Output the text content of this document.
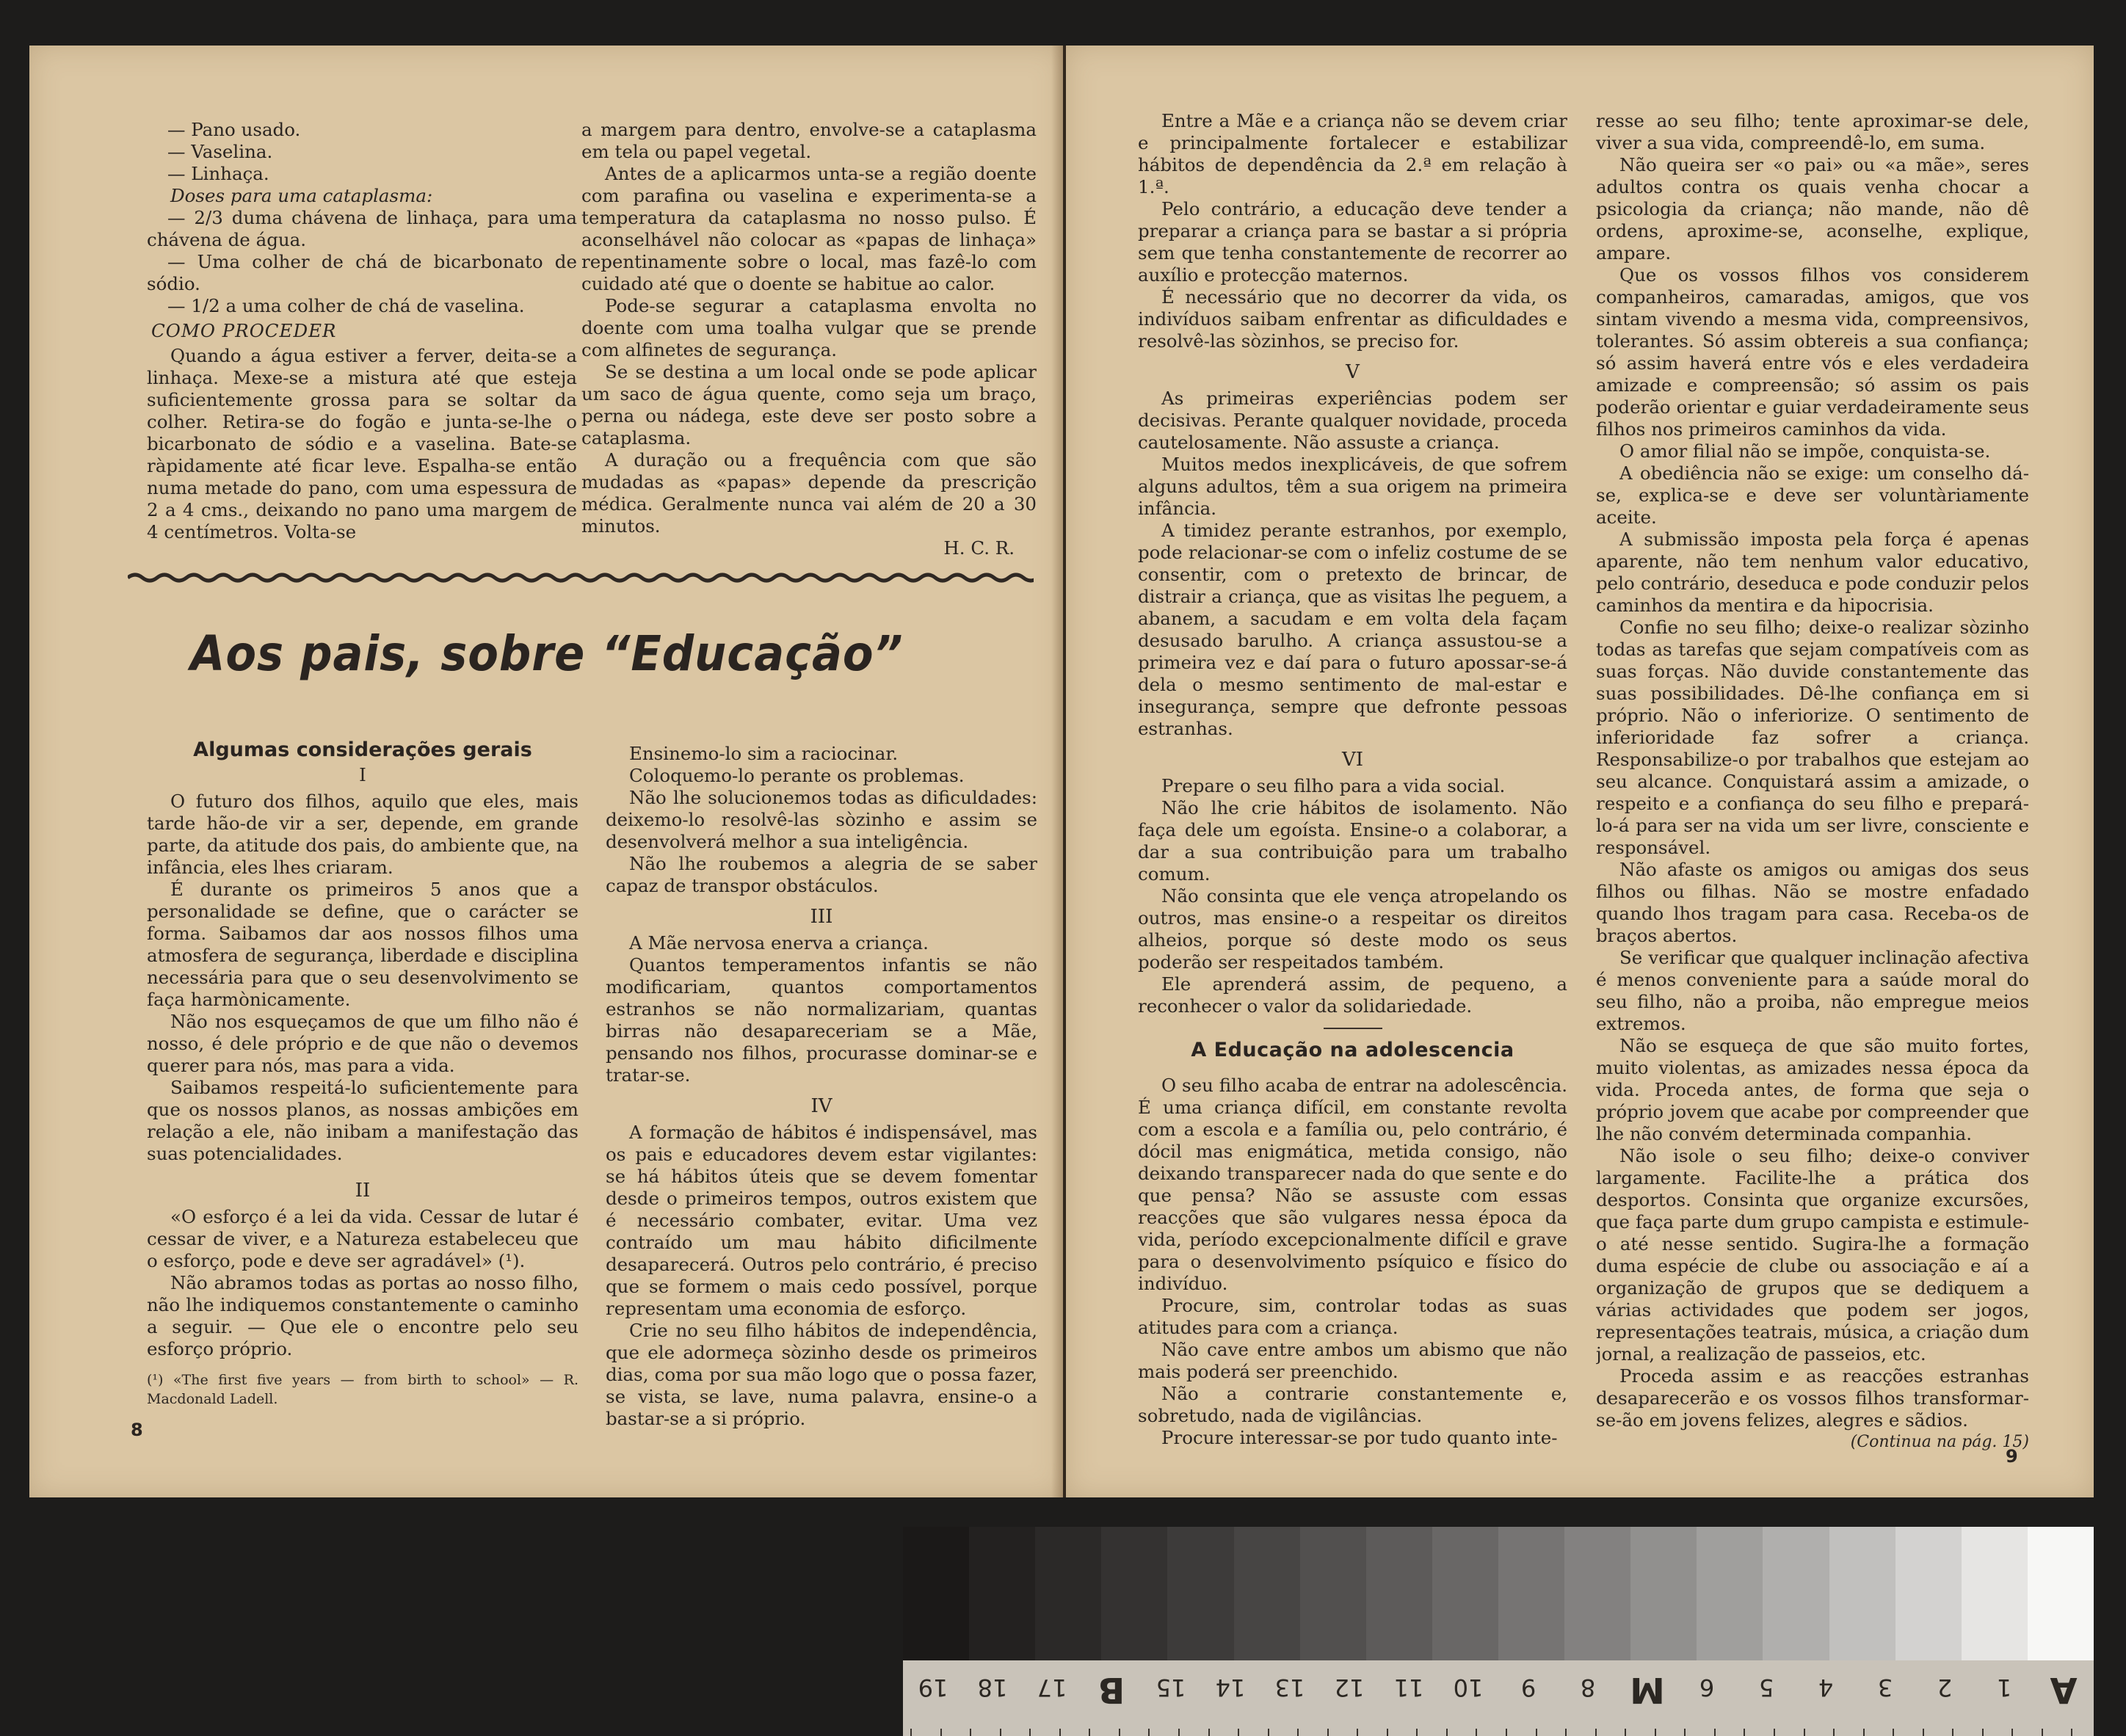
— Pano usado.

— Vaselina.

— Linhaça.

Doses para uma cataplasma:

— 2/3 duma chávena de linhaça, para uma chávena de água.

— Uma colher de chá de bicarbonato de sódio.

— 1/2 a uma colher de chá de vaselina.

COMO PROCEDER

Quando a água estiver a ferver, deita-se a linhaça. Mexe-se a mistura até que esteja suficientemente grossa para se soltar da colher. Retira-se do fogão e junta-se-lhe o bicarbonato de sódio e a vaselina. Bate-se ràpidamente até ficar leve. Espalha-se então numa metade do pano, com uma espessura de 2 a 4 cms., deixando no pano uma margem de 4 centímetros. Volta-se

a margem para dentro, envolve-se a cataplasma em tela ou papel vegetal.

Antes de a aplicarmos unta-se a região doente com parafina ou vaselina e experimenta-se a temperatura da cataplasma no nosso pulso. É aconselhável não colocar as «papas de linhaça» repentinamente sobre o local, mas fazê-lo com cuidado até que o doente se habitue ao calor.

Pode-se segurar a cataplasma envolta no doente com uma toalha vulgar que se prende com alfinetes de segurança.

Se se destina a um local onde se pode aplicar um saco de água quente, como seja um braço, perna ou nádega, este deve ser posto sobre a cataplasma.

A duração ou a frequência com que são mudadas as «papas» depende da prescrição médica. Geralmente nunca vai além de 20 a 30 minutos.

H. C. R.

Aos pais, sobre “Educação”

Algumas considerações gerais

I

O futuro dos filhos, aquilo que eles, mais tarde hão-de vir a ser, depende, em grande parte, da atitude dos pais, do ambiente que, na infância, eles lhes criaram.

É durante os primeiros 5 anos que a personalidade se define, que o carácter se forma. Saibamos dar aos nossos filhos uma atmosfera de segurança, liberdade e disciplina necessária para que o seu desenvolvimento se faça harmònicamente.

Não nos esqueçamos de que um filho não é nosso, é dele próprio e de que não o devemos querer para nós, mas para a vida.

Saibamos respeitá-lo suficientemente para que os nossos planos, as nossas ambições em relação a ele, não inibam a manifestação das suas potencialidades.

II

«O esforço é a lei da vida. Cessar de lutar é cessar de viver, e a Natureza estabeleceu que o esforço, pode e deve ser agradável» (¹).

Não abramos todas as portas ao nosso filho, não lhe indiquemos constantemente o caminho a seguir. — Que ele o encontre pelo seu esforço próprio.

(¹) «The first five years — from birth to school» — R. Macdonald Ladell.

Ensinemo-lo sim a raciocinar.

Coloquemo-lo perante os problemas.

Não lhe solucionemos todas as dificuldades: deixemo-lo resolvê-las sòzinho e assim se desenvolverá melhor a sua inteligência.

Não lhe roubemos a alegria de se saber capaz de transpor obstáculos.

III

A Mãe nervosa enerva a criança.

Quantos temperamentos infantis se não modificariam, quantos comportamentos estranhos se não normalizariam, quantas birras não desapareceriam se a Mãe, pensando nos filhos, procurasse dominar-se e tratar-se.

IV

A formação de hábitos é indispensável, mas os pais e educadores devem estar vigilantes: se há hábitos úteis que se devem fomentar desde o primeiros tempos, outros existem que é necessário combater, evitar. Uma vez contraído um mau hábito dificilmente desaparecerá. Outros pelo contrário, é preciso que se formem o mais cedo possível, porque representam uma economia de esforço.

Crie no seu filho hábitos de independência, que ele adormeça sòzinho desde os primeiros dias, coma por sua mão logo que o possa fazer, se vista, se lave, numa palavra, ensine-o a bastar-se a si próprio.

8

Entre a Mãe e a criança não se devem criar e principalmente fortalecer e estabilizar hábitos de dependência da 2.ª em relação à 1.ª.

Pelo contrário, a educação deve tender a preparar a criança para se bastar a si própria sem que tenha constantemente de recorrer ao auxílio e protecção maternos.

É necessário que no decorrer da vida, os indivíduos saibam enfrentar as dificuldades e resolvê-las sòzinhos, se preciso for.

V

As primeiras experiências podem ser decisivas. Perante qualquer novidade, proceda cautelosamente. Não assuste a criança.

Muitos medos inexplicáveis, de que sofrem alguns adultos, têm a sua origem na primeira infância.

A timidez perante estranhos, por exemplo, pode relacionar-se com o infeliz costume de se consentir, com o pretexto de brincar, de distrair a criança, que as visitas lhe peguem, a abanem, a sacudam e em volta dela façam desusado barulho. A criança assustou-se a primeira vez e daí para o futuro apossar-se-á dela o mesmo sentimento de mal-estar e insegurança, sempre que defronte pessoas estranhas.

VI

Prepare o seu filho para a vida social.

Não lhe crie hábitos de isolamento. Não faça dele um egoísta. Ensine-o a colaborar, a dar a sua contribuição para um trabalho comum.

Não consinta que ele vença atropelando os outros, mas ensine-o a respeitar os direitos alheios, porque só deste modo os seus poderão ser respeitados também.

Ele aprenderá assim, de pequeno, a reconhecer o valor da solidariedade.

A Educação na adolescencia

O seu filho acaba de entrar na adolescência. É uma criança difícil, em constante revolta com a escola e a família ou, pelo contrário, é dócil mas enigmática, metida consigo, não deixando transparecer nada do que sente e do que pensa? Não se assuste com essas reacções que são vulgares nessa época da vida, período excepcionalmente difícil e grave para o desenvolvimento psíquico e físico do indivíduo.

Procure, sim, controlar todas as suas atitudes para com a criança.

Não cave entre ambos um abismo que não mais poderá ser preenchido.

Não a contrarie constantemente e, sobretudo, nada de vigilâncias.

Procure interessar-se por tudo quanto inte-

resse ao seu filho; tente aproximar-se dele, viver a sua vida, compreendê-lo, em suma.

Não queira ser «o pai» ou «a mãe», seres adultos contra os quais venha chocar a psicologia da criança; não mande, não dê ordens, aproxime-se, aconselhe, explique, ampare.

Que os vossos filhos vos considerem companheiros, camaradas, amigos, que vos sintam vivendo a mesma vida, compreensivos, tolerantes. Só assim obtereis a sua confiança; só assim haverá entre vós e eles verdadeira amizade e compreensão; só assim os pais poderão orientar e guiar verdadeiramente seus filhos nos primeiros caminhos da vida.

O amor filial não se impõe, conquista-se.

A obediência não se exige: um conselho dá-se, explica-se e deve ser voluntàriamente aceite.

A submissão imposta pela força é apenas aparente, não tem nenhum valor educativo, pelo contrário, deseduca e pode conduzir pelos caminhos da mentira e da hipocrisia.

Confie no seu filho; deixe-o realizar sòzinho todas as tarefas que sejam compatíveis com as suas forças. Não duvide constantemente das suas possibilidades. Dê-lhe confiança em si próprio. Não o inferiorize. O sentimento de inferioridade faz sofrer a criança. Responsabilize-o por trabalhos que estejam ao seu alcance. Conquistará assim a amizade, o respeito e a confiança do seu filho e prepará-lo-á para ser na vida um ser livre, consciente e responsável.

Não afaste os amigos ou amigas dos seus filhos ou filhas. Não se mostre enfadado quando lhos tragam para casa. Receba-os de braços abertos.

Se verificar que qualquer inclinação afectiva é menos conveniente para a saúde moral do seu filho, não a proiba, não empregue meios extremos.

Não se esqueça de que são muito fortes, muito violentas, as amizades nessa época da vida. Proceda antes, de forma que seja o próprio jovem que acabe por compreender que lhe não convém determinada companhia.

Não isole o seu filho; deixe-o conviver largamente. Facilite-lhe a prática dos desportos. Consinta que organize excursões, que faça parte dum grupo campista e estimule-o até nesse sentido. Sugira-lhe a formação duma espécie de clube ou associação e aí a organização de grupos que se dediquem a várias actividades que podem ser jogos, representações teatrais, música, a criação dum jornal, a realização de passeios, etc.

Proceda assim e as reacções estranhas desaparecerão e os vossos filhos transformar-se-ão em jovens felizes, alegres e sãdios.

(Continua na pág. 15)

9
A
1
2
3
4
5
6
M
8
9
10
11
12
13
14
15
B
17
18
19
